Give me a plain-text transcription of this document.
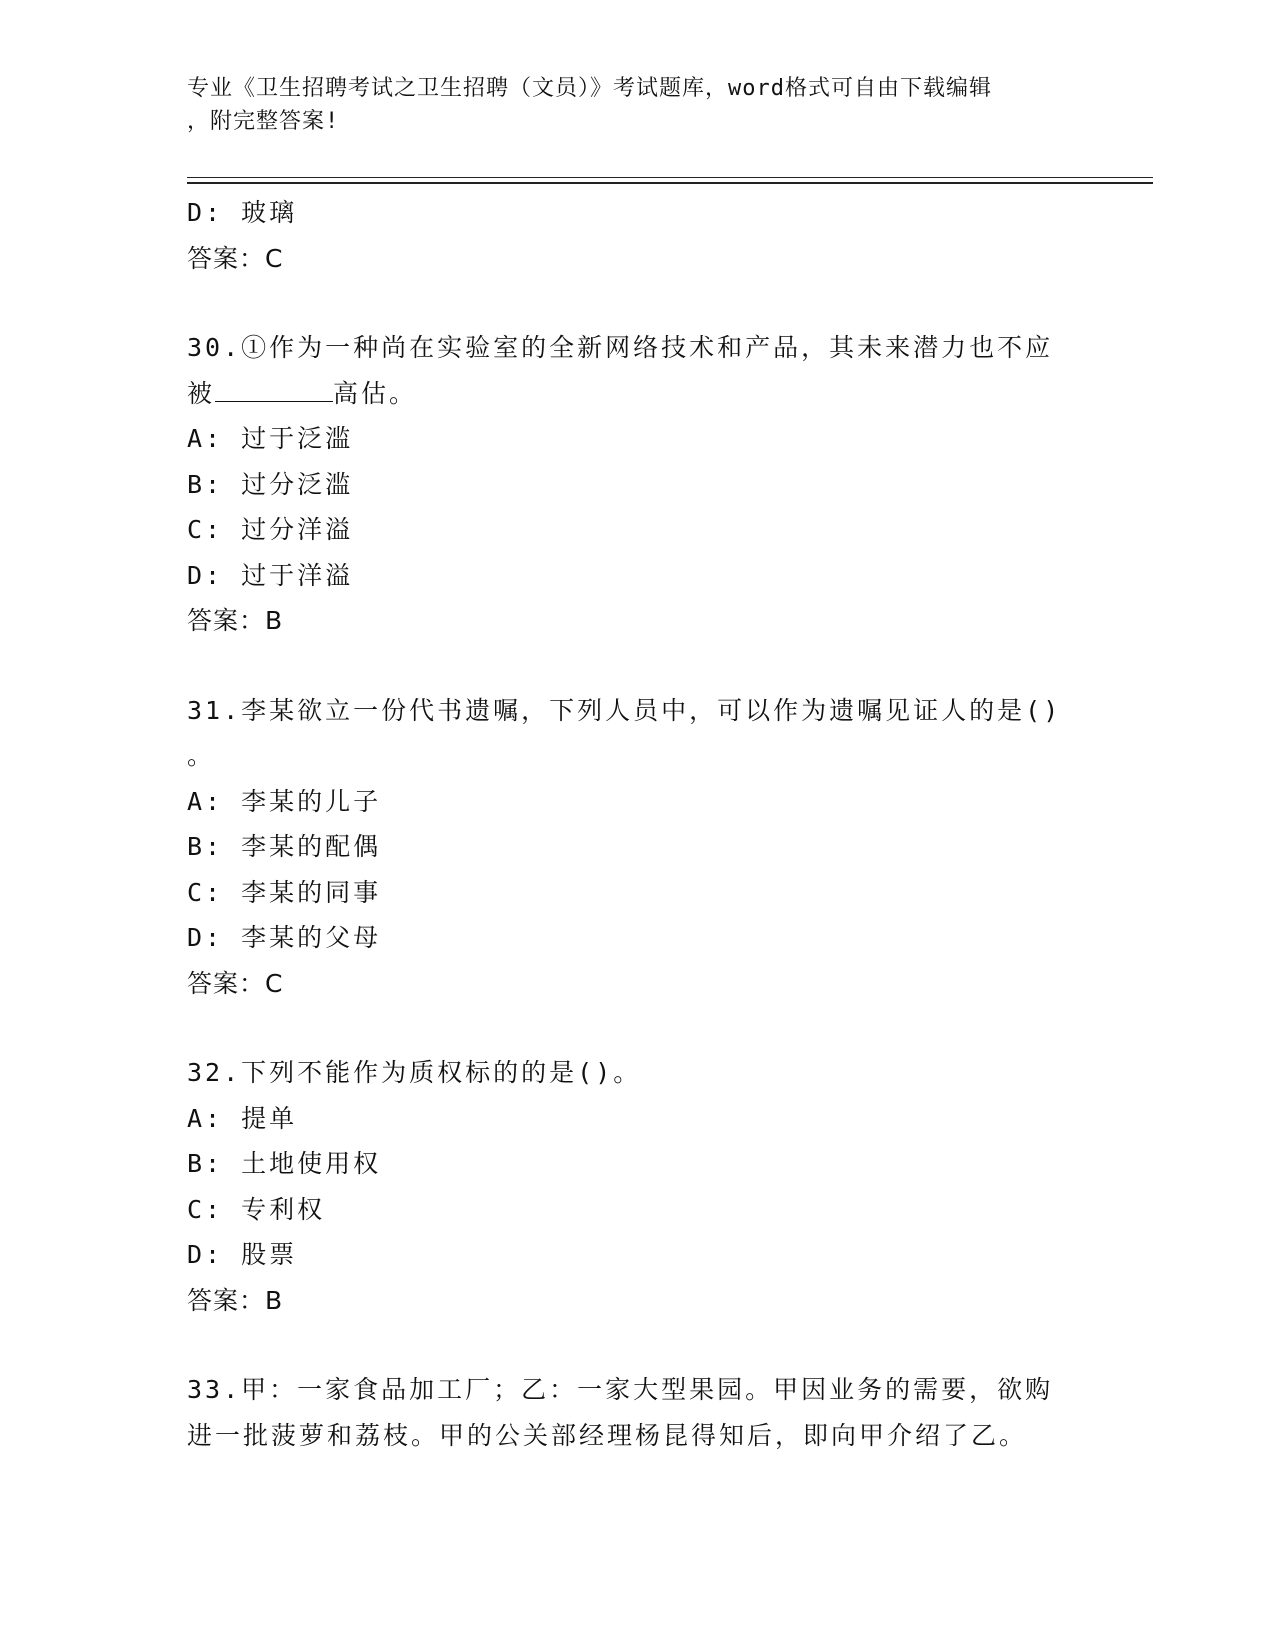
专业《卫生招聘考试之卫生招聘（文员）》考试题库，word格式可自由下载编辑
，附完整答案!
D: 玻璃
答案：C
30.①作为一种尚在实验室的全新网络技术和产品，其未来潜力也不应
被	高估。
A: 过于泛滥
B: 过分泛滥
C: 过分洋溢
D: 过于洋溢
答案：B
31.李某欲立一份代书遗嘱，下列人员中，可以作为遗嘱见证人的是()
。
A: 李某的儿子
B: 李某的配偶
C: 李某的同事
D: 李某的父母
答案：C
32.下列不能作为质权标的的是()。
A: 提单
B: 土地使用权
C: 专利权
D: 股票
答案：B
33.甲：一家食品加工厂；乙：一家大型果园。甲因业务的需要，欲购
进一批菠萝和荔枝。甲的公关部经理杨昆得知后，即向甲介绍了乙。
